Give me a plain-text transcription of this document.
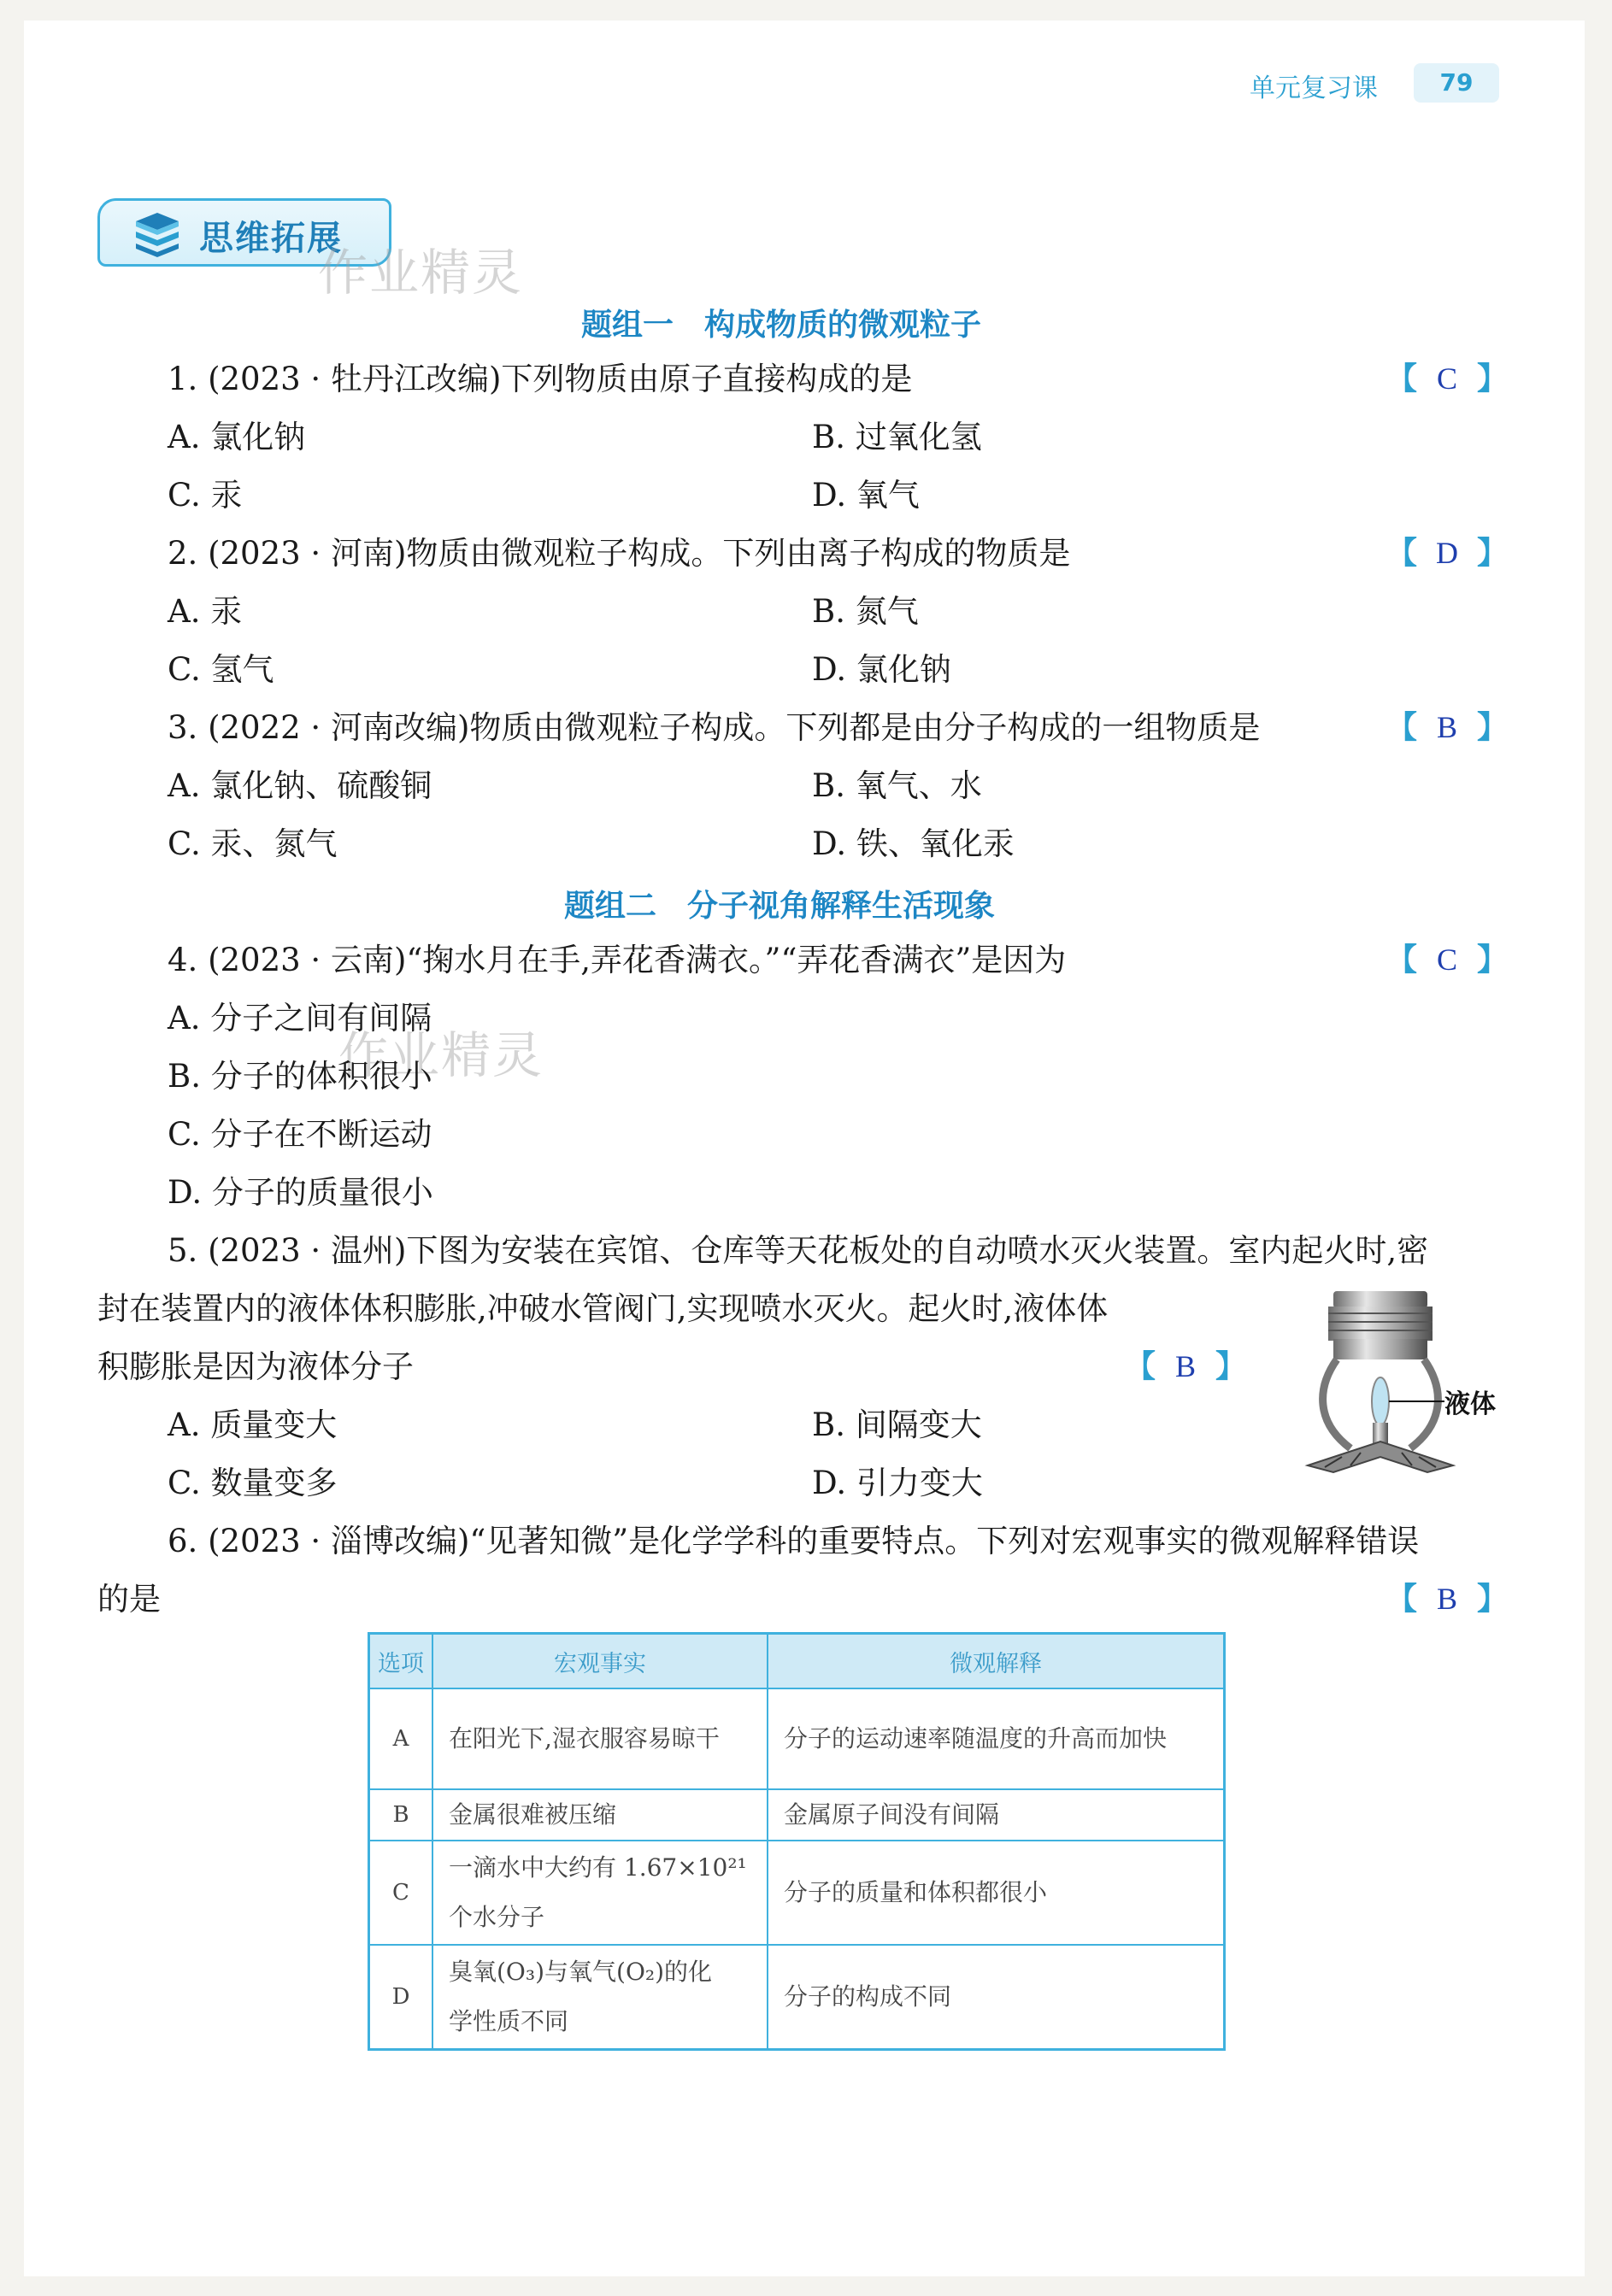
单元复习课	79
思维拓展
作业精灵
作业精灵
题组一　构成物质的微观粒子
1. (2023 · 牡丹江改编)下列物质由原子直接构成的是	【 C 】
A. 氯化钠	B. 过氧化氢
C. 汞	D. 氧气
2. (2023 · 河南)物质由微观粒子构成。下列由离子构成的物质是	【 D 】
A. 汞	B. 氮气
C. 氢气	D. 氯化钠
3. (2022 · 河南改编)物质由微观粒子构成。下列都是由分子构成的一组物质是	【 B 】
A. 氯化钠、硫酸铜	B. 氧气、水
C. 汞、氮气	D. 铁、氧化汞
题组二　分子视角解释生活现象
4. (2023 · 云南)“掬水月在手,弄花香满衣。”“弄花香满衣”是因为	【 C 】
A. 分子之间有间隔
B. 分子的体积很小
C. 分子在不断运动
D. 分子的质量很小
5. (2023 · 温州)下图为安装在宾馆、仓库等天花板处的自动喷水灭火装置。室内起火时,密
封在装置内的液体体积膨胀,冲破水管阀门,实现喷水灭火。起火时,液体体
积膨胀是因为液体分子	【 B 】
A. 质量变大	B. 间隔变大
C. 数量变多	D. 引力变大
液体
6. (2023 · 淄博改编)“见著知微”是化学学科的重要特点。下列对宏观事实的微观解释错误
的是	【 B 】
选项	宏观事实	微观解释
A	在阳光下,湿衣服容易晾干	分子的运动速率随温度的升高而加快
B	金属很难被压缩	金属原子间没有间隔
C	一滴水中大约有 1.67×10²¹
个水分子	分子的质量和体积都很小
D	臭氧(O₃)与氧气(O₂)的化
学性质不同	分子的构成不同
